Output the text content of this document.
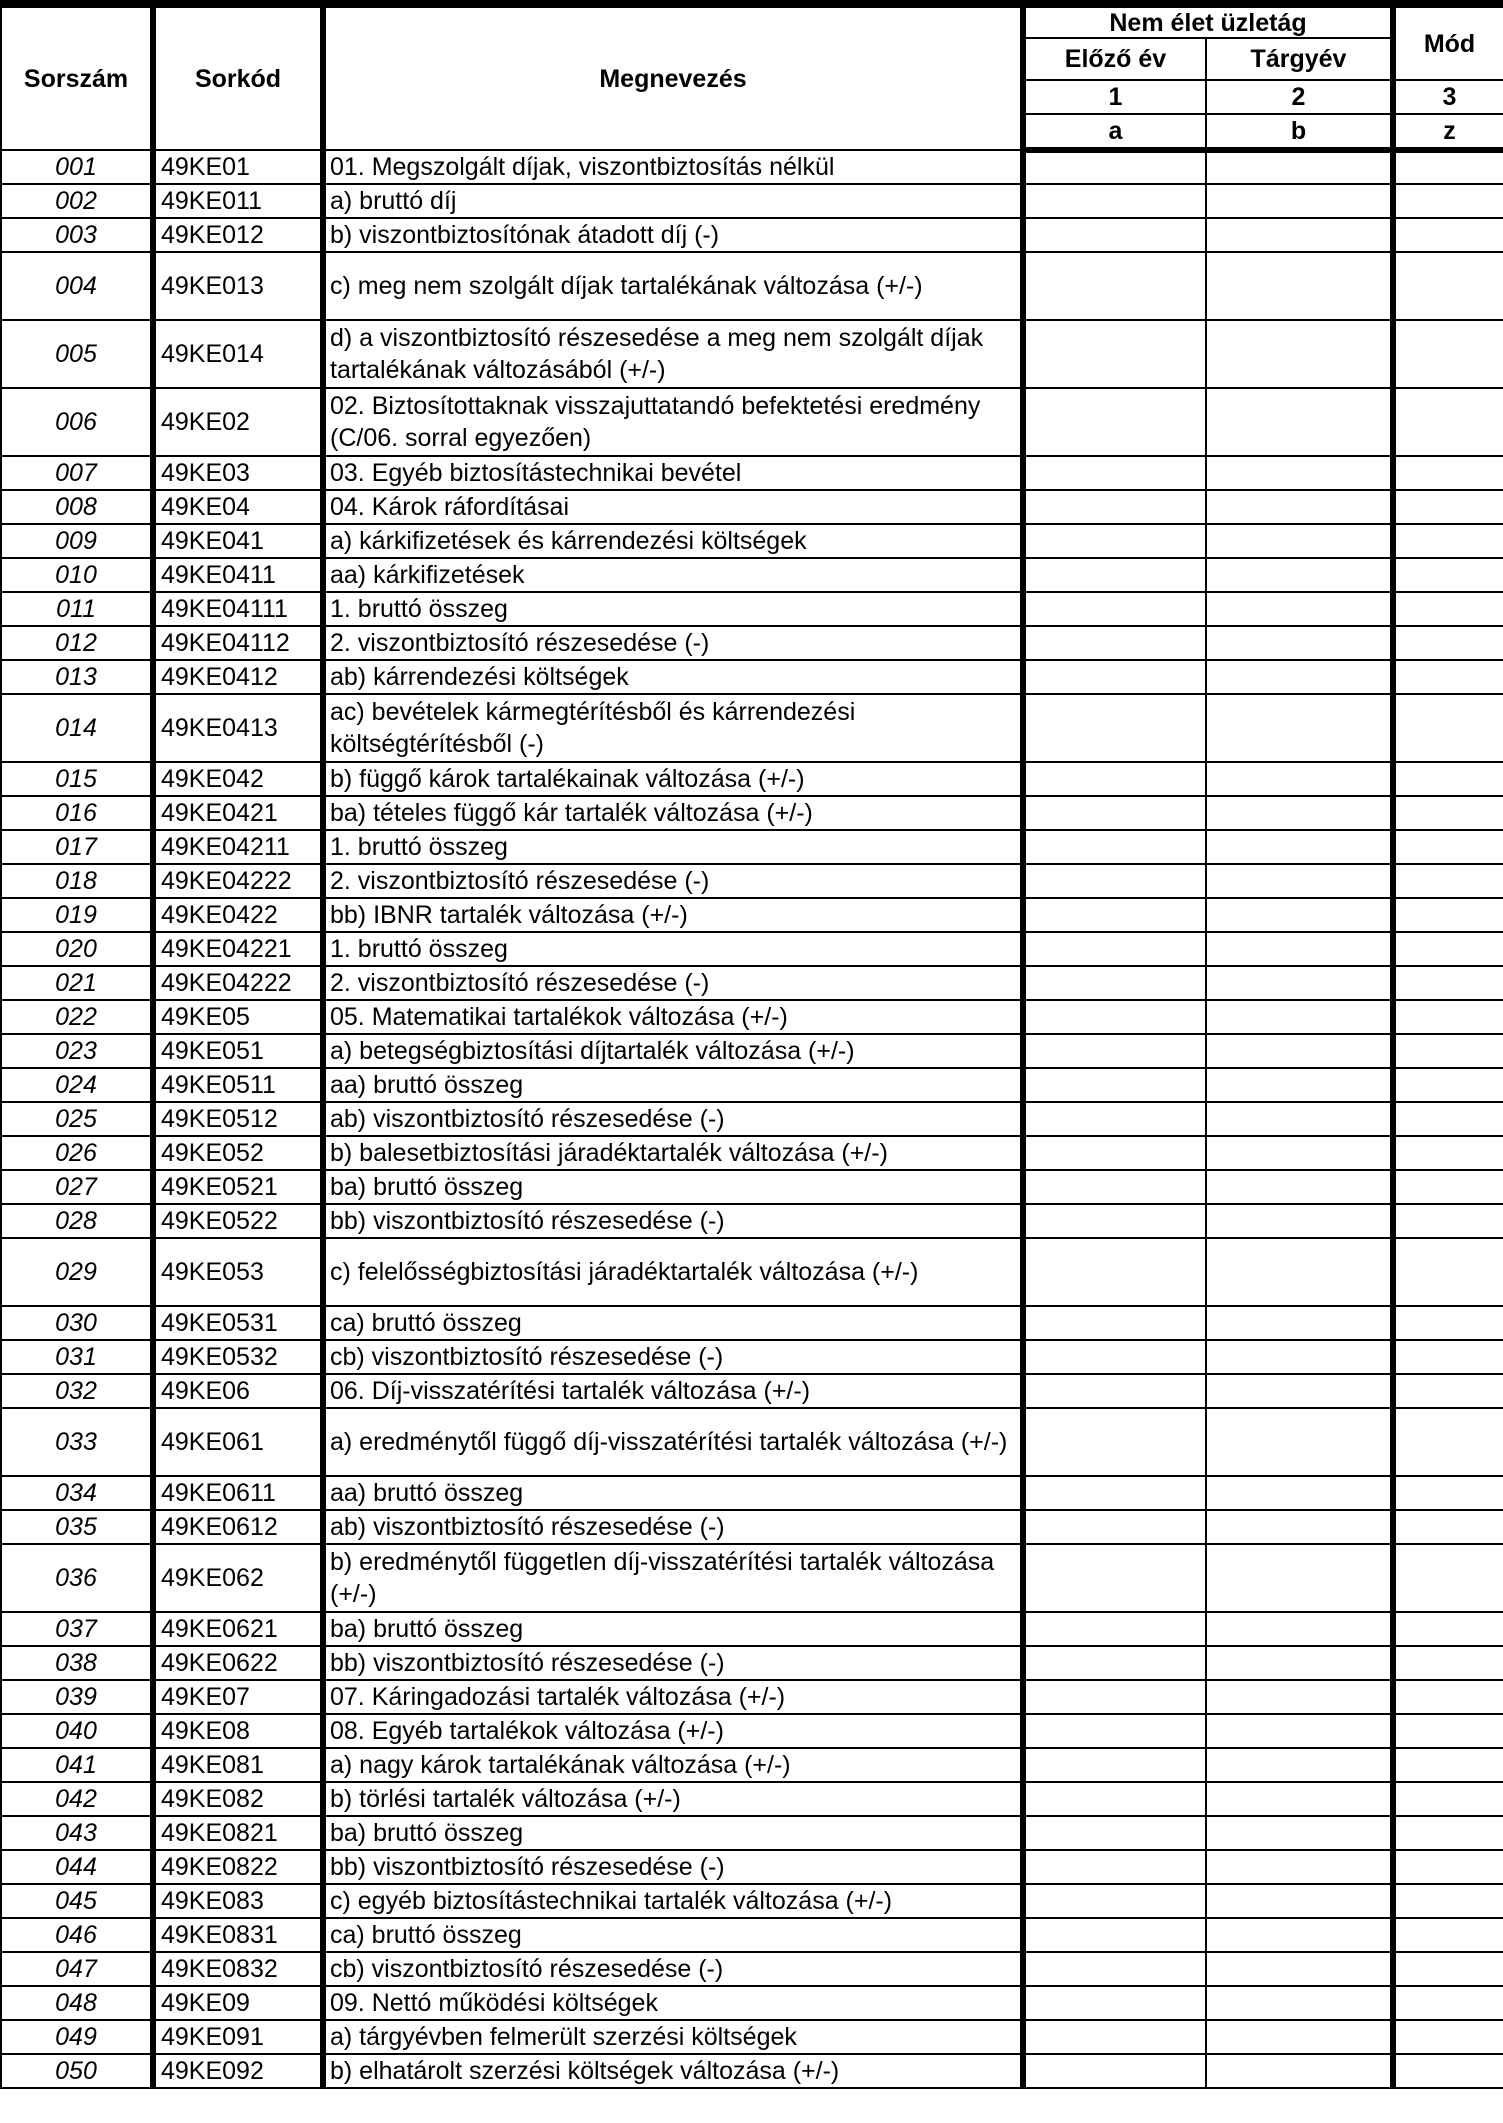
Sorszám	Sorkód	Megnevezés	Nem élet üzletág		Mód
			Előző év	Tárgyév	
			1	2	3
			a	b	z
001	49KE01	01. Megszolgált díjak, viszontbiztosítás nélkül			
002	49KE011	a) bruttó díj			
003	49KE012	b) viszontbiztosítónak átadott díj (-)			
004	49KE013	c) meg nem szolgált díjak tartalékának változása (+/-)			
005	49KE014	d) a viszontbiztosító részesedése a meg nem szolgált díjak tartalékának változásából (+/-)			
006	49KE02	02. Biztosítottaknak visszajuttatandó befektetési eredmény (C/06. sorral egyezően)			
007	49KE03	03. Egyéb biztosítástechnikai bevétel			
008	49KE04	04. Károk ráfordításai			
009	49KE041	a) kárkifizetések és kárrendezési költségek			
010	49KE0411	aa) kárkifizetések			
011	49KE04111	1. bruttó összeg			
012	49KE04112	2. viszontbiztosító részesedése (-)			
013	49KE0412	ab) kárrendezési költségek			
014	49KE0413	ac) bevételek kármegtérítésből és kárrendezési költségtérítésből (-)			
015	49KE042	b) függő károk tartalékainak változása (+/-)			
016	49KE0421	ba) tételes függő kár tartalék változása (+/-)			
017	49KE04211	1. bruttó összeg			
018	49KE04222	2. viszontbiztosító részesedése (-)			
019	49KE0422	bb) IBNR tartalék változása (+/-)			
020	49KE04221	1. bruttó összeg			
021	49KE04222	2. viszontbiztosító részesedése (-)			
022	49KE05	05. Matematikai tartalékok változása (+/-)			
023	49KE051	a) betegségbiztosítási díjtartalék változása (+/-)			
024	49KE0511	aa) bruttó összeg			
025	49KE0512	ab) viszontbiztosító részesedése (-)			
026	49KE052	b) balesetbiztosítási járadéktartalék változása (+/-)			
027	49KE0521	ba) bruttó összeg			
028	49KE0522	bb) viszontbiztosító részesedése (-)			
029	49KE053	c) felelősségbiztosítási járadéktartalék változása (+/-)			
030	49KE0531	ca) bruttó összeg			
031	49KE0532	cb) viszontbiztosító részesedése (-)			
032	49KE06	06. Díj-visszatérítési tartalék változása (+/-)			
033	49KE061	a) eredménytől függő díj-visszatérítési tartalék változása (+/-)			
034	49KE0611	aa) bruttó összeg			
035	49KE0612	ab) viszontbiztosító részesedése (-)			
036	49KE062	b) eredménytől független díj-visszatérítési tartalék változása (+/-)			
037	49KE0621	ba) bruttó összeg			
038	49KE0622	bb) viszontbiztosító részesedése (-)			
039	49KE07	07. Káringadozási tartalék változása (+/-)			
040	49KE08	08. Egyéb tartalékok változása (+/-)			
041	49KE081	a) nagy károk tartalékának változása (+/-)			
042	49KE082	b) törlési tartalék változása (+/-)			
043	49KE0821	ba) bruttó összeg			
044	49KE0822	bb) viszontbiztosító részesedése (-)			
045	49KE083	c) egyéb biztosítástechnikai tartalék változása (+/-)			
046	49KE0831	ca) bruttó összeg			
047	49KE0832	cb) viszontbiztosító részesedése (-)			
048	49KE09	09. Nettó működési költségek			
049	49KE091	a) tárgyévben felmerült szerzési költségek			
050	49KE092	b) elhatárolt szerzési költségek változása (+/-)			
